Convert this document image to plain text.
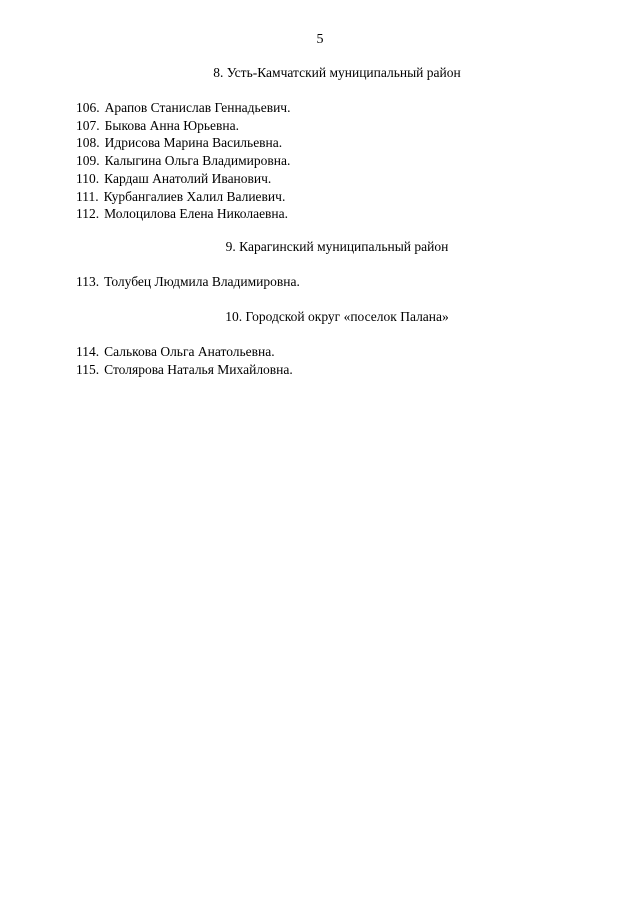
5
8. Усть-Камчатский муниципальный район
106. Арапов Станислав Геннадьевич.
107. Быкова Анна Юрьевна.
108. Идрисова Марина Васильевна.
109. Калыгина Ольга Владимировна.
110. Кардаш Анатолий Иванович.
111. Курбангалиев Халил Валиевич.
112. Молоцилова Елена Николаевна.
9. Карагинский муниципальный район
113. Толубец Людмила Владимировна.
10. Городской округ «поселок Палана»
114. Салькова Ольга Анатольевна.
115. Столярова Наталья Михайловна.
